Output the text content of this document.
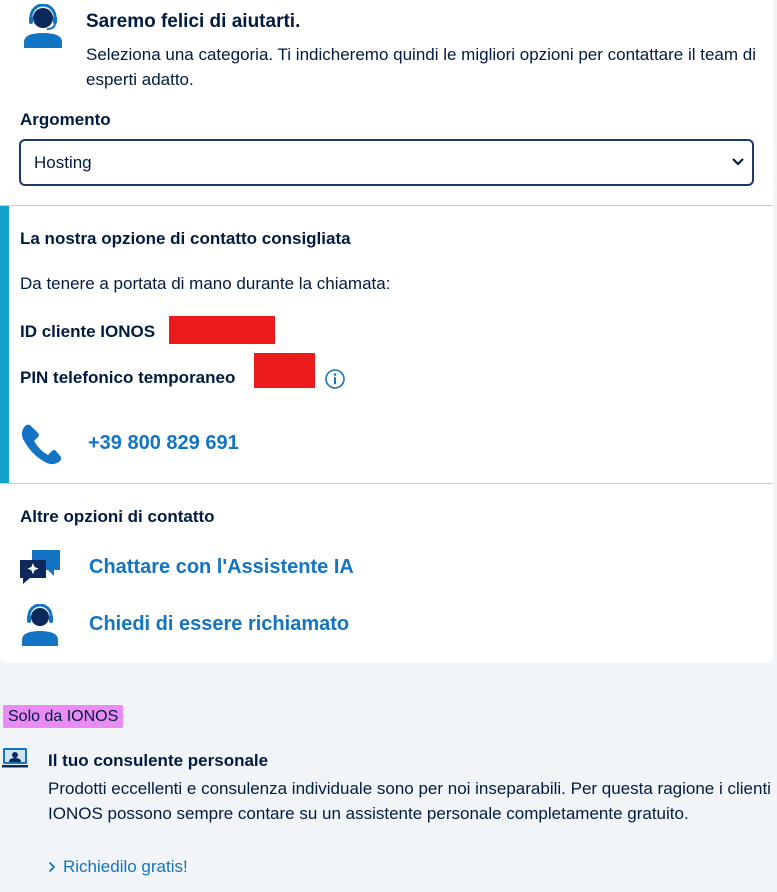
Saremo felici di aiutarti.
Seleziona una categoria. Ti indicheremo quindi le migliori opzioni per contattare il team di esperti adatto.
Argomento
Hosting
La nostra opzione di contatto consigliata
Da tenere a portata di mano durante la chiamata:
ID cliente IONOS
PIN telefonico temporaneo
+39 800 829 691
Altre opzioni di contatto
Chattare con l'Assistente IA
Chiedi di essere richiamato
Solo da IONOS
Il tuo consulente personale
Prodotti eccellenti e consulenza individuale sono per noi inseparabili. Per questa ragione i clienti IONOS possono sempre contare su un assistente personale completamente gratuito.
Richiedilo gratis!
